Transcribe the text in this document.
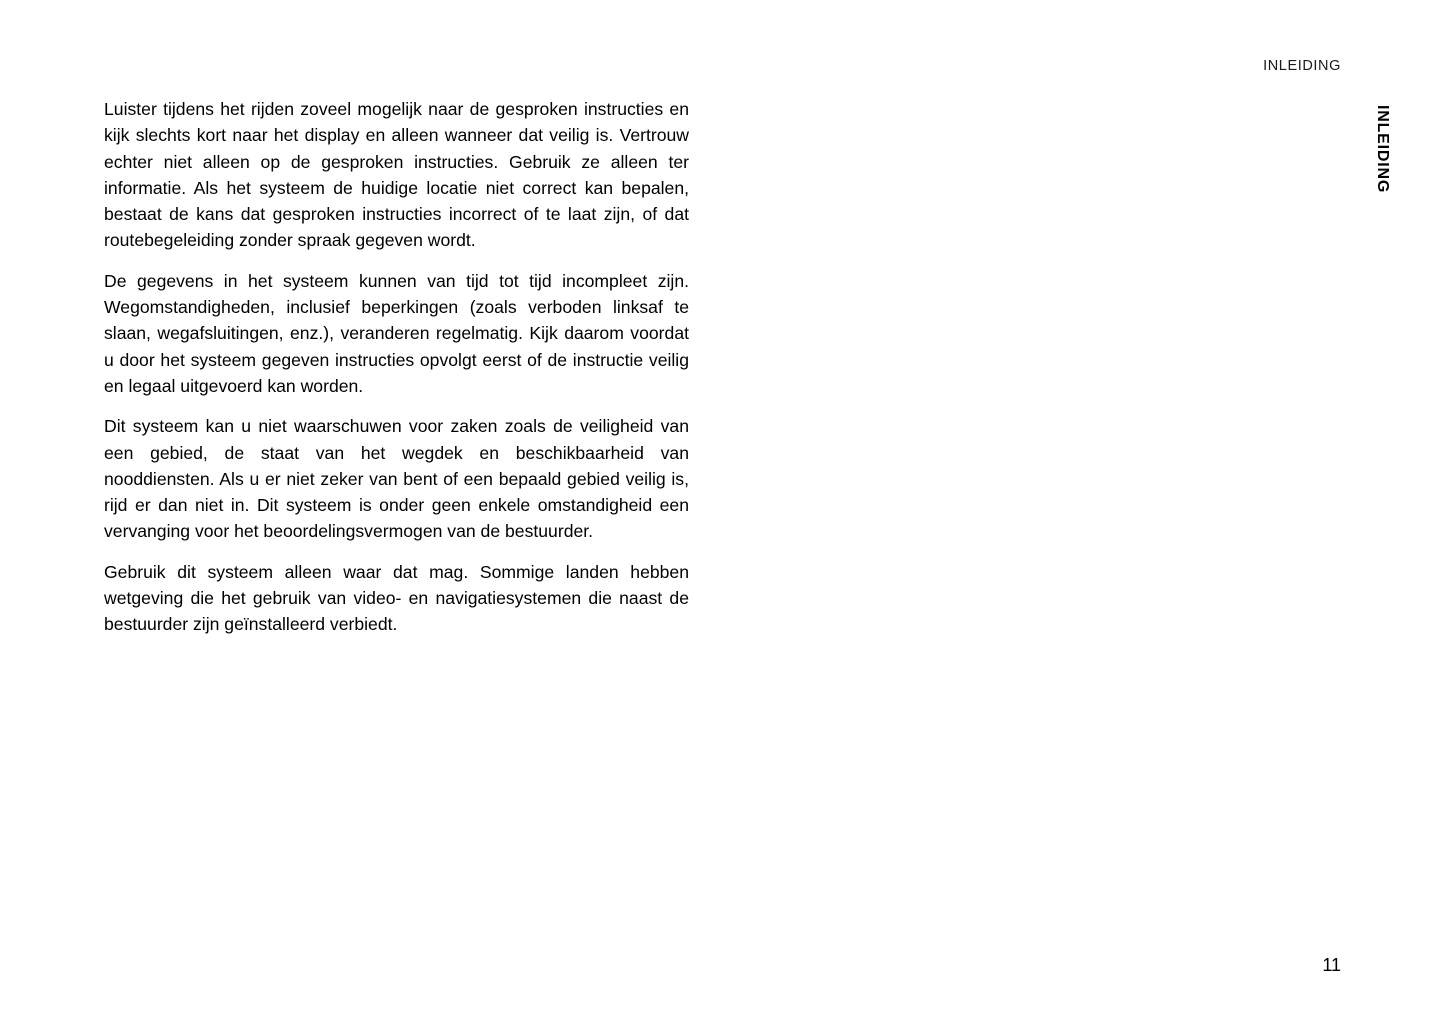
INLEIDING
INLEIDING

Luister tijdens het rijden zoveel mogelijk naar de gesproken instructies en kijk slechts kort naar het display en alleen wanneer dat veilig is. Vertrouw echter niet alleen op de gesproken instructies. Gebruik ze alleen ter informatie. Als het systeem de huidige locatie niet correct kan bepalen, bestaat de kans dat gesproken instructies incorrect of te laat zijn, of dat routebegeleiding zonder spraak gegeven wordt.

De gegevens in het systeem kunnen van tijd tot tijd incompleet zijn. Wegomstandigheden, inclusief beperkingen (zoals verboden linksaf te slaan, wegafsluitingen, enz.), veranderen regelmatig. Kijk daarom voordat u door het systeem gegeven instructies opvolgt eerst of de instructie veilig en legaal uitgevoerd kan worden.

Dit systeem kan u niet waarschuwen voor zaken zoals de veiligheid van een gebied, de staat van het wegdek en beschikbaarheid van nooddiensten. Als u er niet zeker van bent of een bepaald gebied veilig is, rijd er dan niet in. Dit systeem is onder geen enkele omstandigheid een vervanging voor het beoordelingsvermogen van de bestuurder.

Gebruik dit systeem alleen waar dat mag. Sommige landen hebben wetgeving die het gebruik van video- en navigatiesystemen die naast de bestuurder zijn geïnstalleerd verbiedt.

11
